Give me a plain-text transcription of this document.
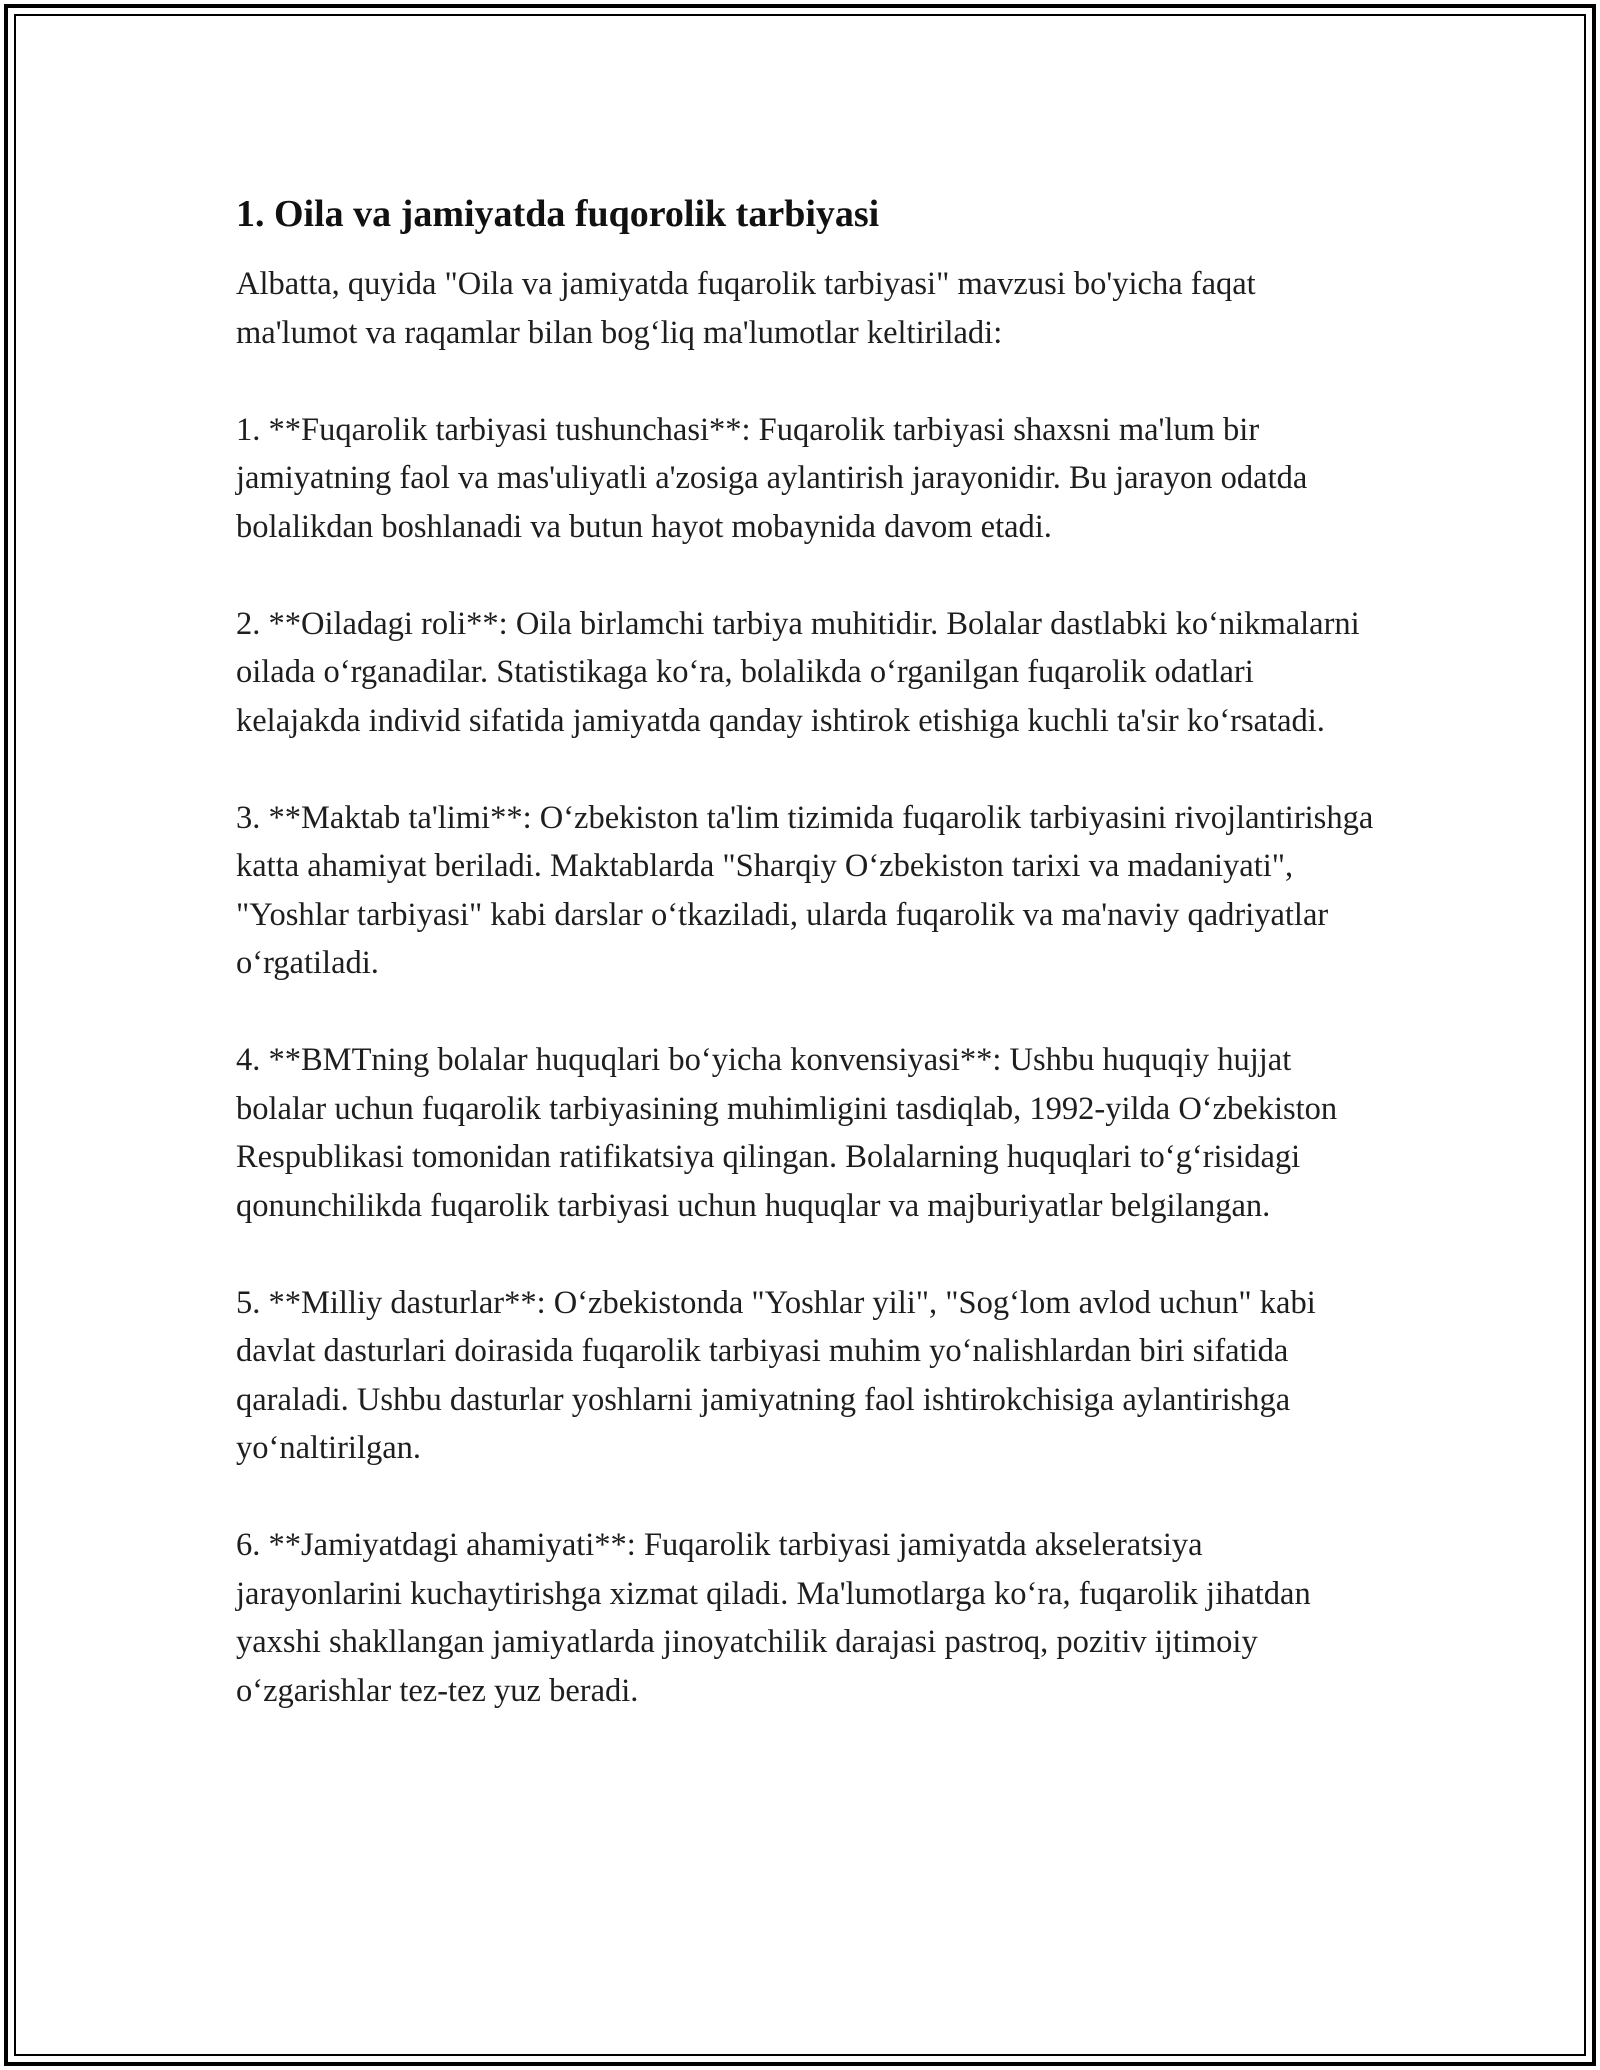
1. Oila va jamiyatda fuqorolik tarbiyasi

Albatta, quyida "Oila va jamiyatda fuqarolik tarbiyasi" mavzusi bo'yicha faqat ma'lumot va raqamlar bilan bog‘liq ma'lumotlar keltiriladi:

1. **Fuqarolik tarbiyasi tushunchasi**: Fuqarolik tarbiyasi shaxsni ma'lum bir jamiyatning faol va mas'uliyatli a'zosiga aylantirish jarayonidir. Bu jarayon odatda bolalikdan boshlanadi va butun hayot mobaynida davom etadi.

2. **Oiladagi roli**: Oila birlamchi tarbiya muhitidir. Bolalar dastlabki ko‘nikmalarni oilada o‘rganadilar. Statistikaga ko‘ra, bolalikda o‘rganilgan fuqarolik odatlari kelajakda individ sifatida jamiyatda qanday ishtirok etishiga kuchli ta'sir ko‘rsatadi.

3. **Maktab ta'limi**: O‘zbekiston ta'lim tizimida fuqarolik tarbiyasini rivojlantirishga katta ahamiyat beriladi. Maktablarda "Sharqiy O‘zbekiston tarixi va madaniyati", "Yoshlar tarbiyasi" kabi darslar o‘tkaziladi, ularda fuqarolik va ma'naviy qadriyatlar o‘rgatiladi.

4. **BMTning bolalar huquqlari bo‘yicha konvensiyasi**: Ushbu huquqiy hujjat bolalar uchun fuqarolik tarbiyasining muhimligini tasdiqlab, 1992-yilda O‘zbekiston Respublikasi tomonidan ratifikatsiya qilingan. Bolalarning huquqlari to‘g‘risidagi qonunchilikda fuqarolik tarbiyasi uchun huquqlar va majburiyatlar belgilangan.

5. **Milliy dasturlar**: O‘zbekistonda "Yoshlar yili", "Sog‘lom avlod uchun" kabi davlat dasturlari doirasida fuqarolik tarbiyasi muhim yo‘nalishlardan biri sifatida qaraladi. Ushbu dasturlar yoshlarni jamiyatning faol ishtirokchisiga aylantirishga yo‘naltirilgan.

6. **Jamiyatdagi ahamiyati**: Fuqarolik tarbiyasi jamiyatda akseleratsiya jarayonlarini kuchaytirishga xizmat qiladi. Ma'lumotlarga ko‘ra, fuqarolik jihatdan yaxshi shakllangan jamiyatlarda jinoyatchilik darajasi pastroq, pozitiv ijtimoiy o‘zgarishlar tez-tez yuz beradi.
